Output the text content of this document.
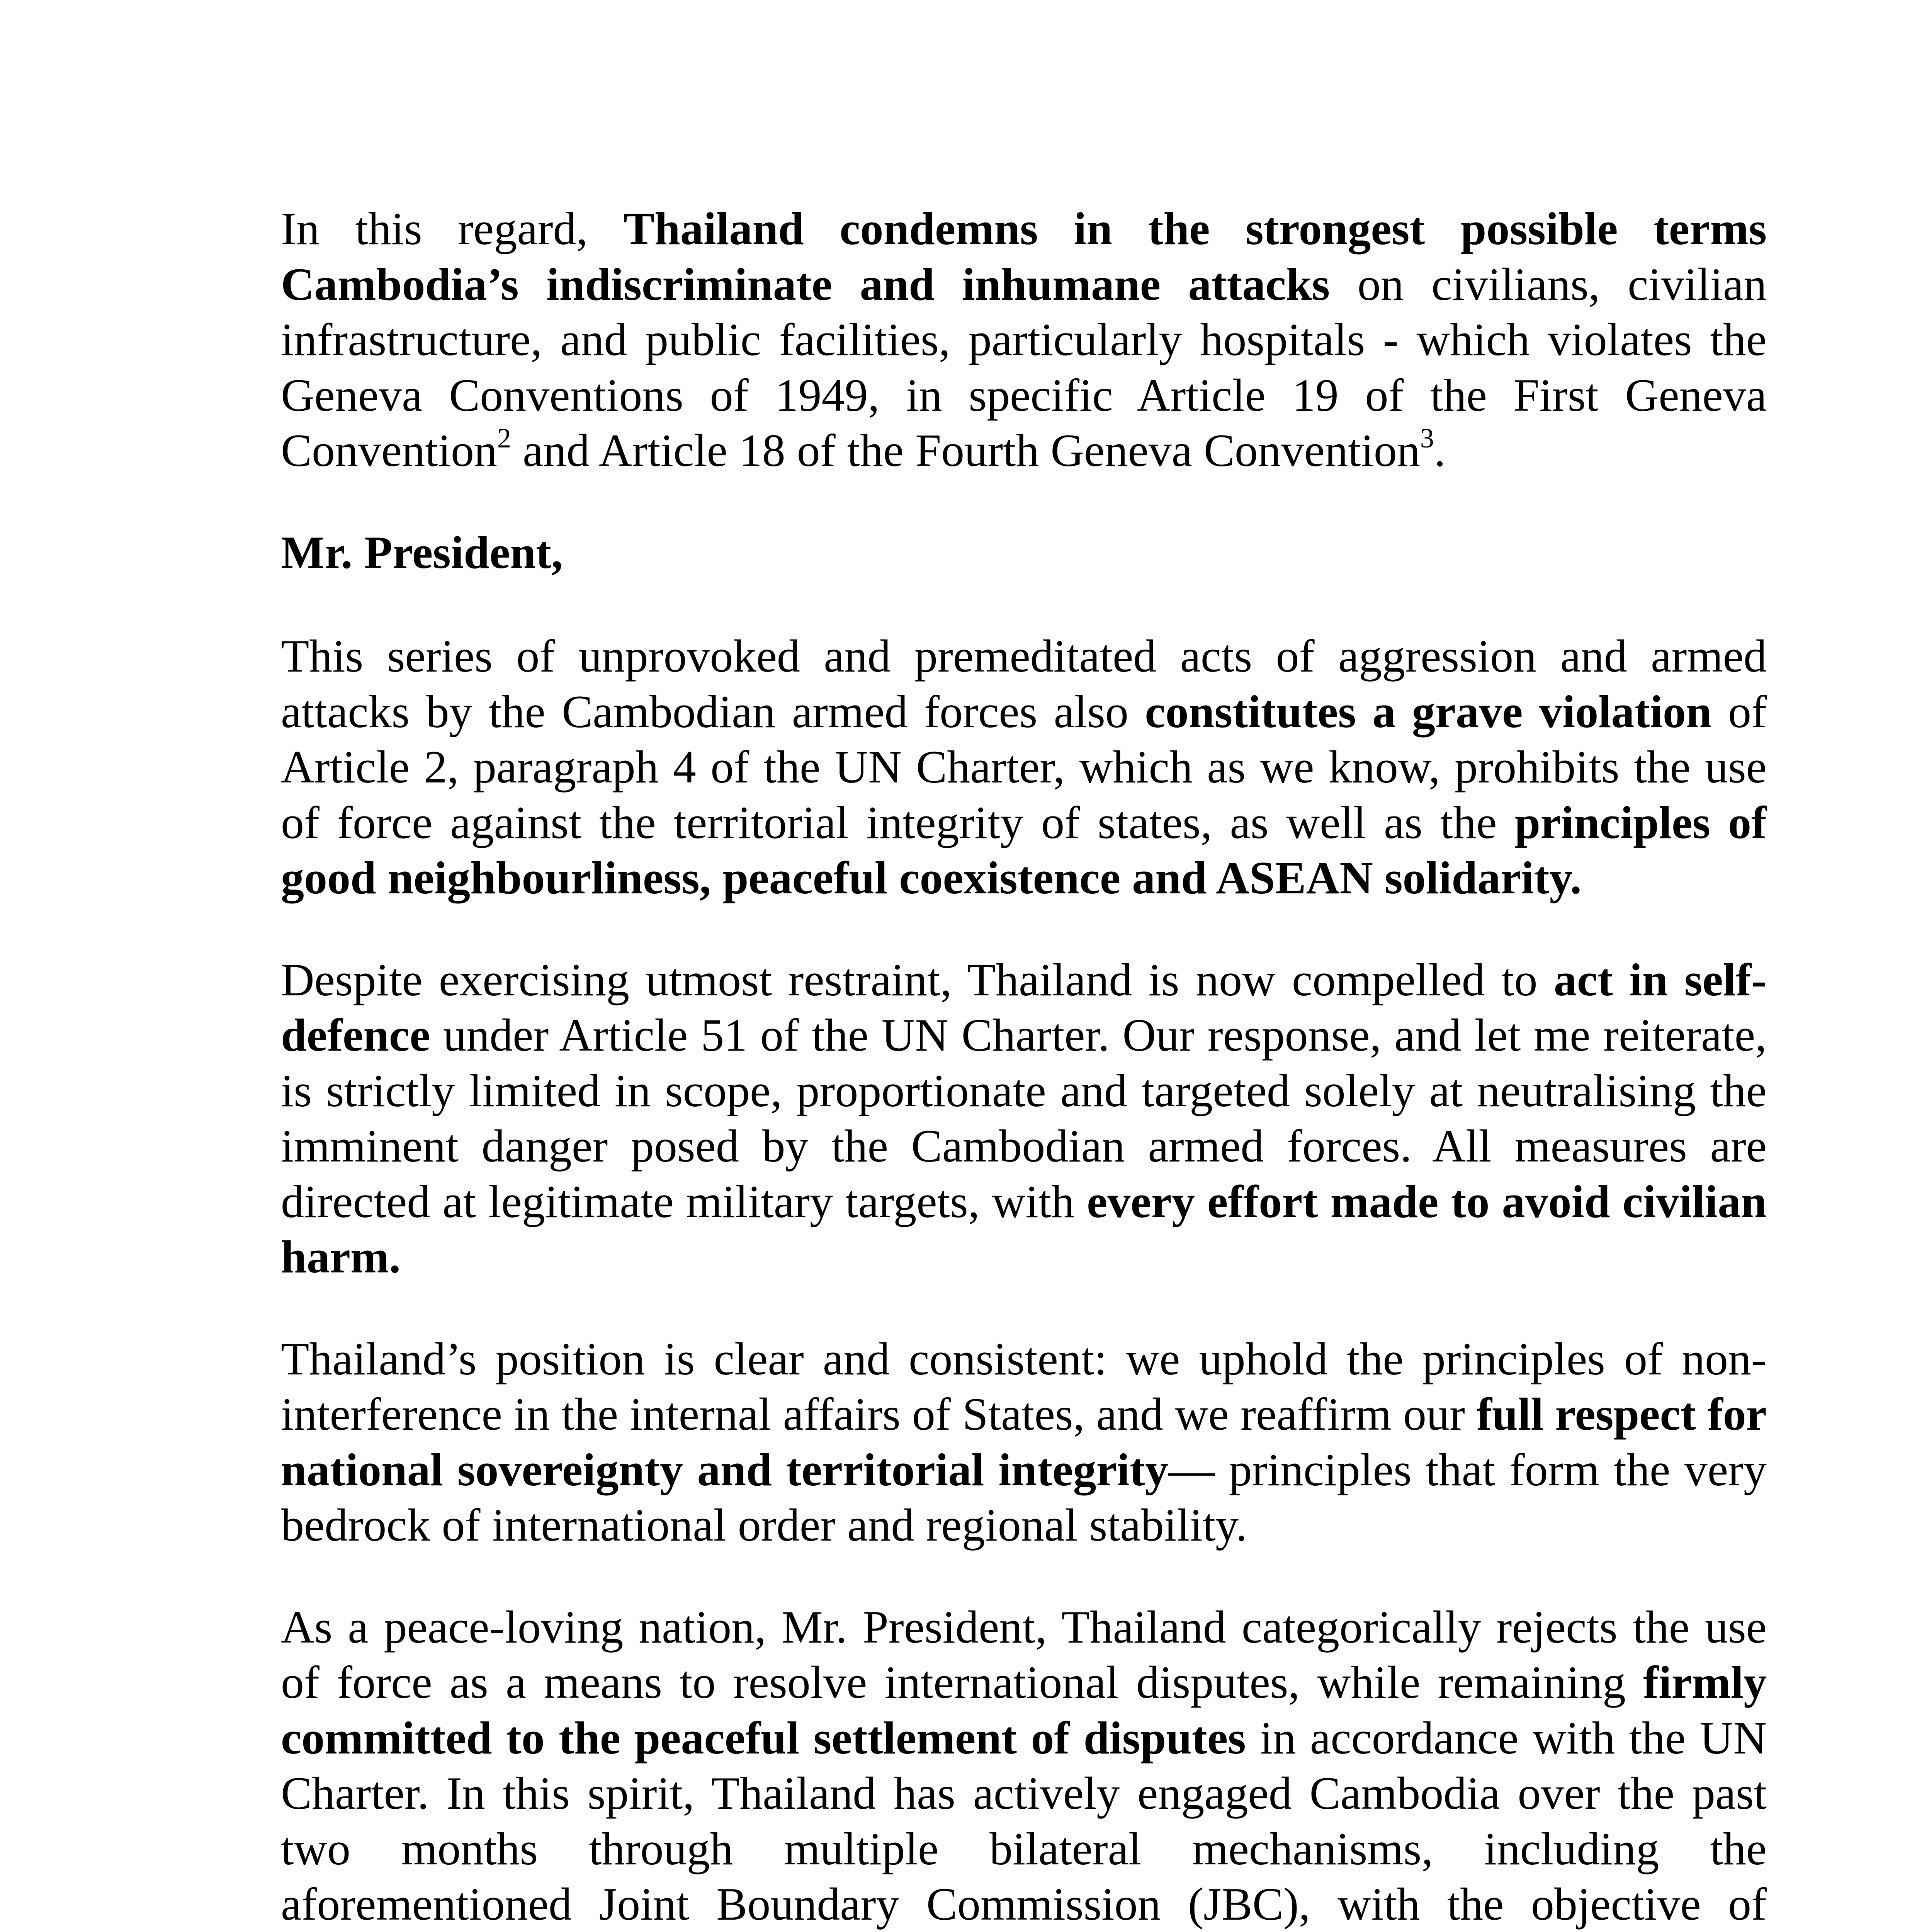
In this regard, Thailand condemns in the strongest possible terms Cambodia’s indiscriminate and inhumane attacks on civilians, civilian infrastructure, and public facilities, particularly hospitals - which violates the Geneva Conventions of 1949, in specific Article 19 of the First Geneva Convention$^2$ and Article 18 of the Fourth Geneva Convention$^3$.

Mr. President,

This series of unprovoked and premeditated acts of aggression and armed attacks by the Cambodian armed forces also constitutes a grave violation of Article 2, paragraph 4 of the UN Charter, which as we know, prohibits the use of force against the territorial integrity of states, as well as the principles of good neighbourliness, peaceful coexistence and ASEAN solidarity.

Despite exercising utmost restraint, Thailand is now compelled to act in self-defence under Article 51 of the UN Charter. Our response, and let me reiterate, is strictly limited in scope, proportionate and targeted solely at neutralising the imminent danger posed by the Cambodian armed forces. All measures are directed at legitimate military targets, with every effort made to avoid civilian harm.

Thailand’s position is clear and consistent: we uphold the principles of non-interference in the internal affairs of States, and we reaffirm our full respect for national sovereignty and territorial integrity— principles that form the very bedrock of international order and regional stability.

As a peace-loving nation, Mr. President, Thailand categorically rejects the use of force as a means to resolve international disputes, while remaining firmly committed to the peaceful settlement of disputes in accordance with the UN Charter. In this spirit, Thailand has actively engaged Cambodia over the past two months through multiple bilateral mechanisms, including the aforementioned Joint Boundary Commission (JBC), with the objective of
